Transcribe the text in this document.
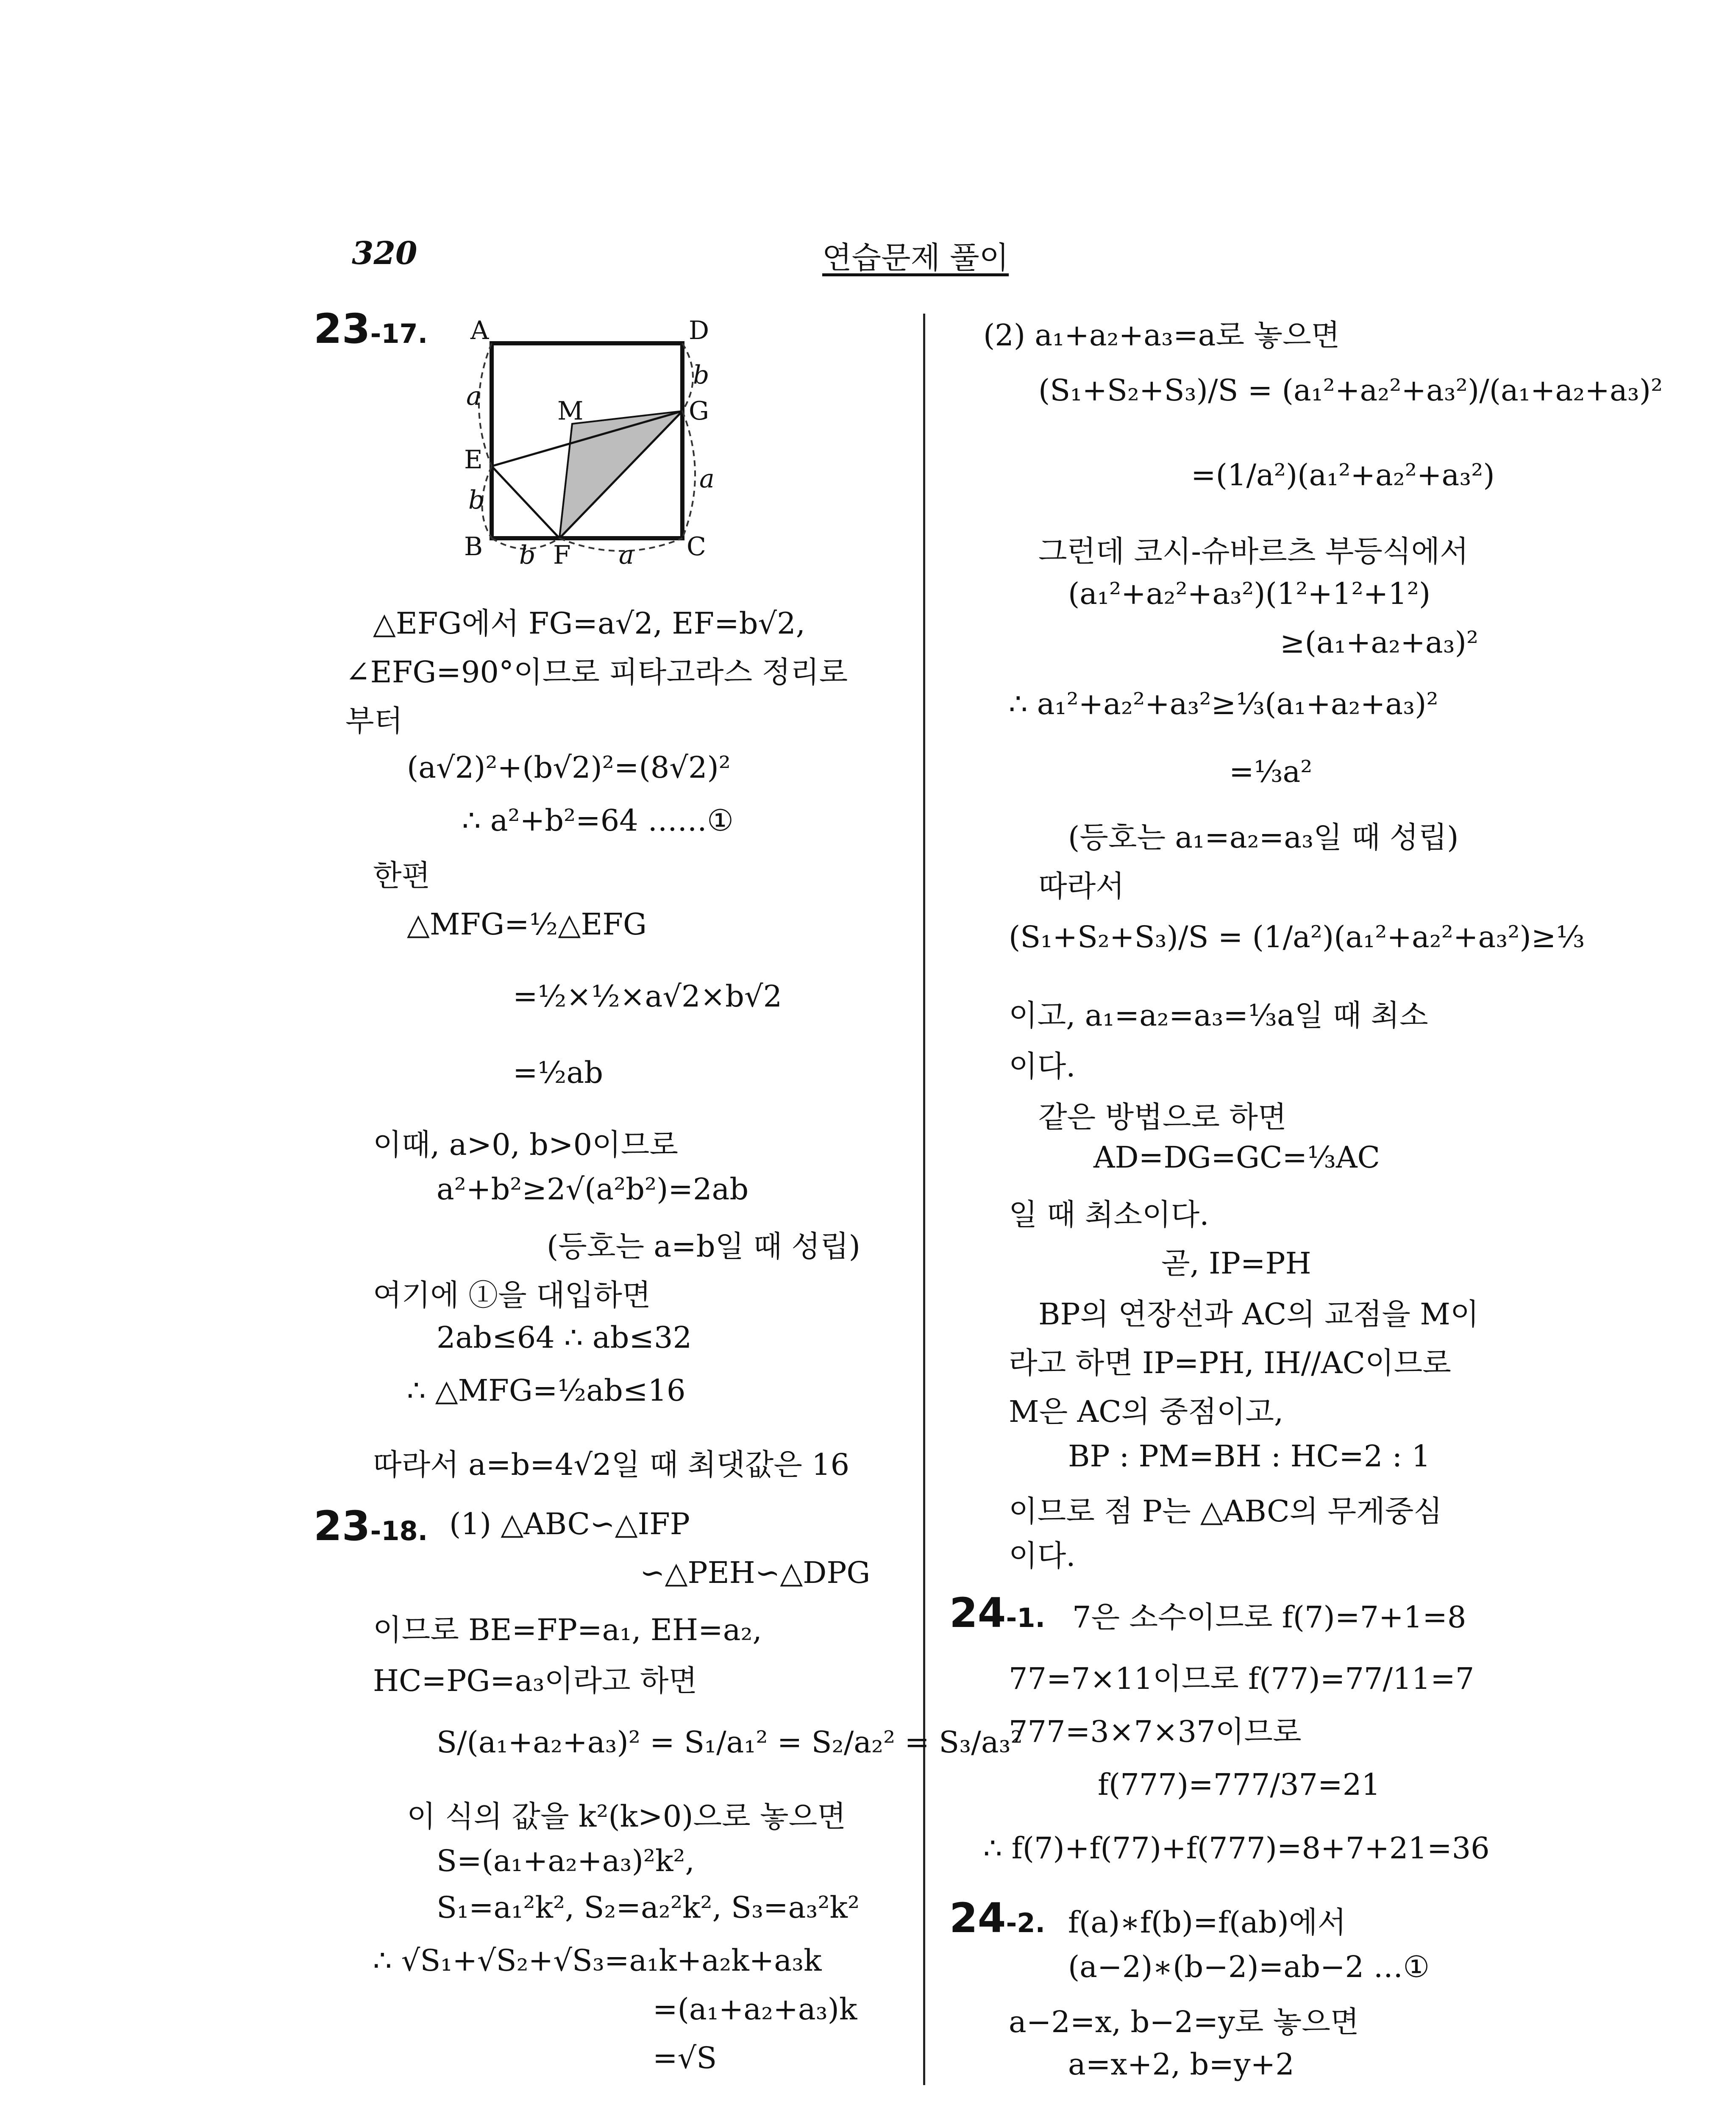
320	연습문제 풀이
23-17. A	D
a
b
M	G
E
a
b
B b F a C
△EFG에서 FG=a√2, EF=b√2,
∠EFG=90°이므로 피타고라스 정리로
부터
(a√2)²+(b√2)²=(8√2)²
∴ a²+b²=64 ……①
한편
△MFG=½△EFG
=½×½×a√2×b√2
=½ab
이때, a>0, b>0이므로
a²+b²≥2√(a²b²)=2ab
(등호는 a=b일 때 성립)
여기에 ①을 대입하면
2ab≤64 ∴ ab≤32
∴ △MFG=½ab≤16
따라서 a=b=4√2일 때 최댓값은 16
23-18. (1) △ABC∽△IFP
∽△PEH∽△DPG
이므로 BE=FP=a₁, EH=a₂,
HC=PG=a₃이라고 하면
S/(a₁+a₂+a₃)² = S₁/a₁² = S₂/a₂² = S₃/a₃²
이 식의 값을 k²(k>0)으로 놓으면
S=(a₁+a₂+a₃)²k²,
S₁=a₁²k², S₂=a₂²k², S₃=a₃²k²
∴ √S₁+√S₂+√S₃=a₁k+a₂k+a₃k
=(a₁+a₂+a₃)k
=√S
(2) a₁+a₂+a₃=a로 놓으면
(S₁+S₂+S₃)/S = (a₁²+a₂²+a₃²)/(a₁+a₂+a₃)²
=(1/a²)(a₁²+a₂²+a₃²)
그런데 코시-슈바르츠 부등식에서
(a₁²+a₂²+a₃²)(1²+1²+1²)
≥(a₁+a₂+a₃)²
∴ a₁²+a₂²+a₃²≥⅓(a₁+a₂+a₃)²
=⅓a²
(등호는 a₁=a₂=a₃일 때 성립)
따라서
(S₁+S₂+S₃)/S = (1/a²)(a₁²+a₂²+a₃²)≥⅓
이고, a₁=a₂=a₃=⅓a일 때 최소
이다.
같은 방법으로 하면
AD=DG=GC=⅓AC
일 때 최소이다.
곧, IP=PH
BP의 연장선과 AC의 교점을 M이
라고 하면 IP=PH, IH//AC이므로
M은 AC의 중점이고,
BP : PM=BH : HC=2 : 1
이므로 점 P는 △ABC의 무게중심
이다.
24-1. 7은 소수이므로 f(7)=7+1=8
77=7×11이므로 f(77)=77/11=7
777=3×7×37이므로
f(777)=777/37=21
∴ f(7)+f(77)+f(777)=8+7+21=36
24-2. f(a)∗f(b)=f(ab)에서
(a−2)∗(b−2)=ab−2 …①
a−2=x, b−2=y로 놓으면
a=x+2, b=y+2
